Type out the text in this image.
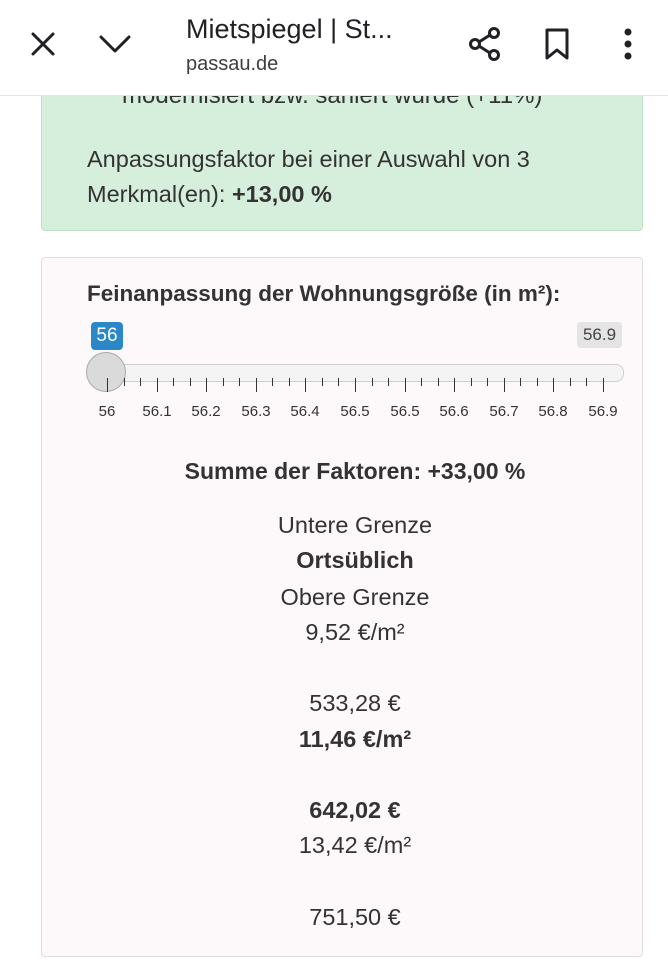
Mietspiegel | St...
passau.de
Anpassungsfaktor bei einer Auswahl von 3 Merkmal(en): +13,00 %
Feinanpassung der Wohnungsgröße (in m²):
56	56.9
56 56.1 56.2 56.3 56.4 56.5 56.5 56.6 56.7 56.8 56.9
Summe der Faktoren: +33,00 %
Untere Grenze
Ortsüblich
Obere Grenze
9,52 €/m²
533,28 €
11,46 €/m²
642,02 €
13,42 €/m²
751,50 €
